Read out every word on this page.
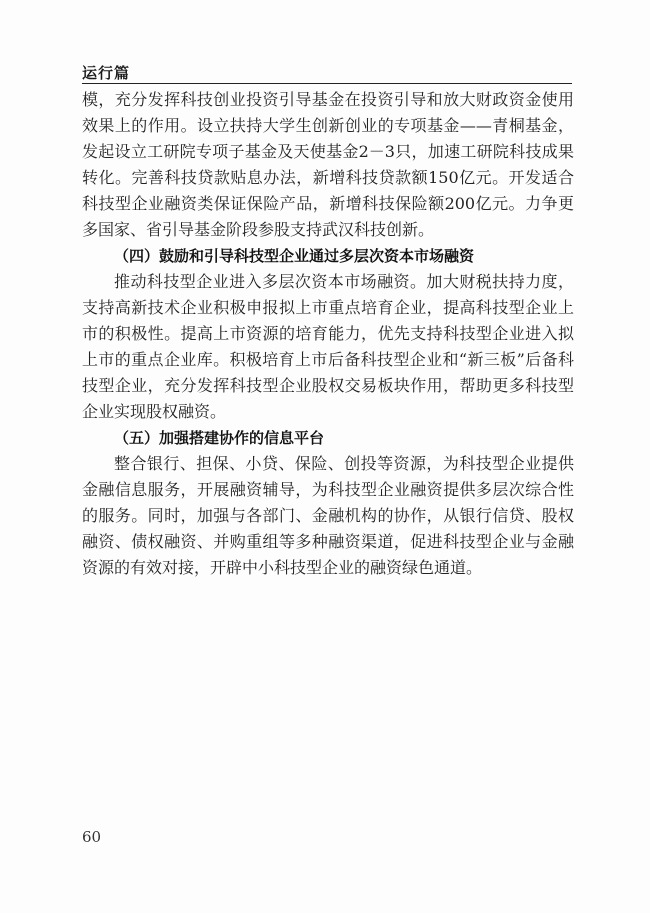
运行篇

模，充分发挥科技创业投资引导基金在投资引导和放大财政资金使用效果上的作用。设立扶持大学生创新创业的专项基金——青桐基金，发起设立工研院专项子基金及天使基金2－3只，加速工研院科技成果转化。完善科技贷款贴息办法，新增科技贷款额150亿元。开发适合科技型企业融资类保证保险产品，新增科技保险额200亿元。力争更多国家、省引导基金阶段参股支持武汉科技创新。

（四）鼓励和引导科技型企业通过多层次资本市场融资

推动科技型企业进入多层次资本市场融资。加大财税扶持力度，支持高新技术企业积极申报拟上市重点培育企业，提高科技型企业上市的积极性。提高上市资源的培育能力，优先支持科技型企业进入拟上市的重点企业库。积极培育上市后备科技型企业和“新三板”后备科技型企业，充分发挥科技型企业股权交易板块作用，帮助更多科技型企业实现股权融资。

（五）加强搭建协作的信息平台

整合银行、担保、小贷、保险、创投等资源，为科技型企业提供金融信息服务，开展融资辅导，为科技型企业融资提供多层次综合性的服务。同时，加强与各部门、金融机构的协作，从银行信贷、股权融资、债权融资、并购重组等多种融资渠道，促进科技型企业与金融资源的有效对接，开辟中小科技型企业的融资绿色通道。

60
